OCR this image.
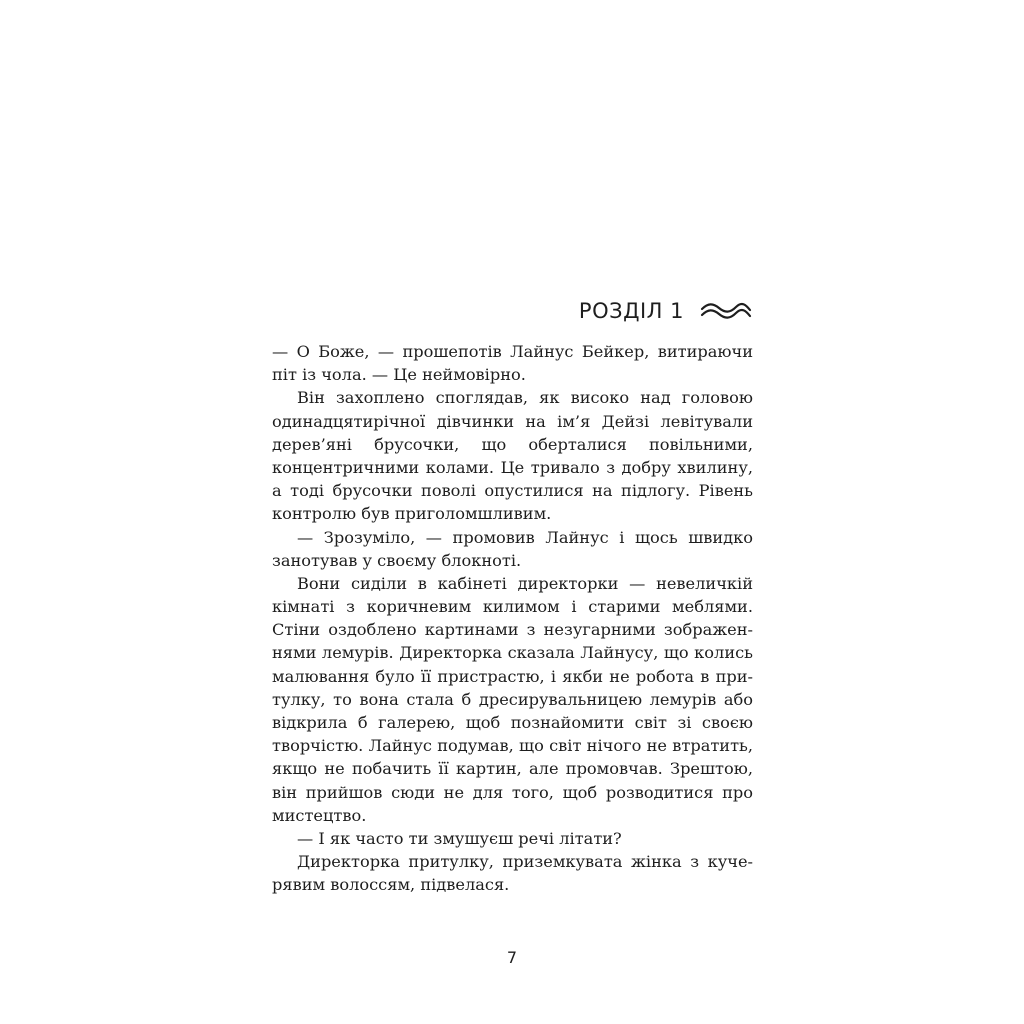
РОЗДІЛ 1
— О Боже, — прошепотів Лайнус Бейкер, витираючи
піт із чола. — Це неймовірно.
Він захоплено споглядав, як високо над головою
одинадцятирічної дівчинки на ім’я Дейзі левітували
дерев’яні брусочки, що оберталися повільними,
концентричними колами. Це тривало з добру хвилину,
а тоді брусочки поволі опустилися на підлогу. Рівень
контролю був приголомшливим.
— Зрозуміло, — промовив Лайнус і щось швидко
занотував у своєму блокноті.
Вони сиділи в кабінеті директорки — невеличкій
кімнаті з коричневим килимом і старими меблями.
Стіни оздоблено картинами з незугарними зображен-
нями лемурів. Директорка сказала Лайнусу, що колись
малювання було її пристрастю, і якби не робота в при-
тулку, то вона стала б дресирувальницею лемурів або
відкрила б галерею, щоб познайомити світ зі своєю
творчістю. Лайнус подумав, що світ нічого не втратить,
якщо не побачить її картин, але промовчав. Зрештою,
він прийшов сюди не для того, щоб розводитися про
мистецтво.
— І як часто ти змушуєш речі літати?
Директорка притулку, приземкувата жінка з куче-
рявим волоссям, підвелася.
7
